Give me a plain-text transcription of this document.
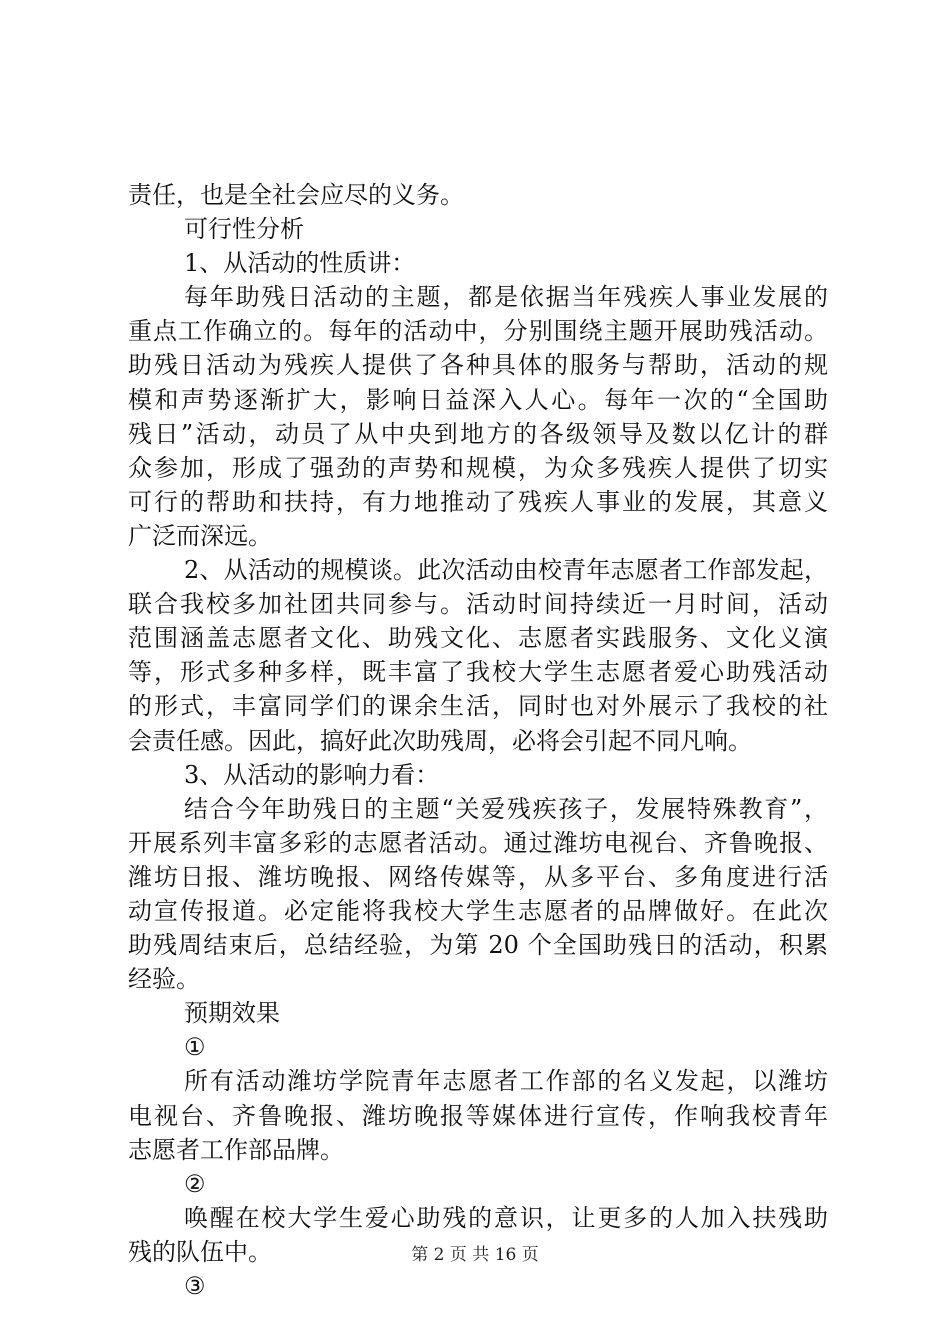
责任，也是全社会应尽的义务。
可行性分析
1、从活动的性质讲：
每年助残日活动的主题，都是依据当年残疾人事业发展的
重点工作确立的。每年的活动中，分别围绕主题开展助残活动。
助残日活动为残疾人提供了各种具体的服务与帮助，活动的规
模和声势逐渐扩大，影响日益深入人心。每年一次的“全国助
残日”活动，动员了从中央到地方的各级领导及数以亿计的群
众参加，形成了强劲的声势和规模，为众多残疾人提供了切实
可行的帮助和扶持，有力地推动了残疾人事业的发展，其意义
广泛而深远。
2、从活动的规模谈。此次活动由校青年志愿者工作部发起，
联合我校多加社团共同参与。活动时间持续近一月时间，活动
范围涵盖志愿者文化、助残文化、志愿者实践服务、文化义演
等，形式多种多样，既丰富了我校大学生志愿者爱心助残活动
的形式，丰富同学们的课余生活，同时也对外展示了我校的社
会责任感。因此，搞好此次助残周，必将会引起不同凡响。
3、从活动的影响力看：
结合今年助残日的主题“关爱残疾孩子，发展特殊教育”，
开展系列丰富多彩的志愿者活动。通过潍坊电视台、齐鲁晚报、
潍坊日报、潍坊晚报、网络传媒等，从多平台、多角度进行活
动宣传报道。必定能将我校大学生志愿者的品牌做好。在此次
助残周结束后，总结经验，为第 20 个全国助残日的活动，积累
经验。
预期效果
①
所有活动潍坊学院青年志愿者工作部的名义发起，以潍坊
电视台、齐鲁晚报、潍坊晚报等媒体进行宣传，作响我校青年
志愿者工作部品牌。
②
唤醒在校大学生爱心助残的意识，让更多的人加入扶残助
残的队伍中。
③
第 2 页 共 16 页
